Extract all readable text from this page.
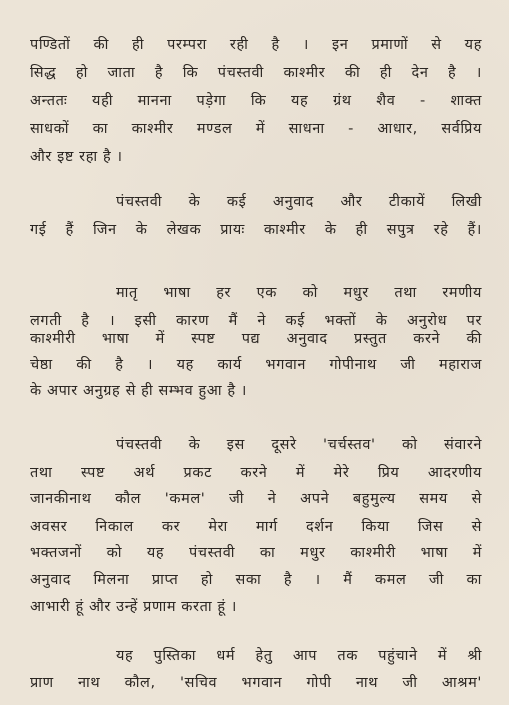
पण्डितों की ही परम्परा रही है । इन प्रमाणों से यह
सिद्ध हो जाता है कि पंचस्तवी काश्मीर की ही देन है ।
अन्ततः यही मानना पड़ेगा कि यह ग्रंथ शैव - शाक्त
साधकों का काश्मीर मण्डल में साधना - आधार, सर्वप्रिय
और इष्ट रहा है ।
पंचस्तवी के कई अनुवाद और टीकायें लिखी
गई हैं जिन के लेखक प्रायः काश्मीर के ही सपुत्र रहे हैं।
मातृ भाषा हर एक को मधुर तथा रमणीय
लगती है । इसी कारण मैं ने कई भक्तों के अनुरोध पर
काश्मीरी भाषा में स्पष्ट पद्य अनुवाद प्रस्तुत करने की
चेष्ठा की है । यह कार्य भगवान गोपीनाथ जी महाराज
के अपार अनुग्रह से ही सम्भव हुआ है ।
पंचस्तवी के इस दूसरे 'चर्चस्तव' को संवारने
तथा स्पष्ट अर्थ प्रकट करने में मेरे प्रिय आदरणीय
जानकीनाथ कौल 'कमल' जी ने अपने बहुमुल्य समय से
अवसर निकाल कर मेरा मार्ग दर्शन किया जिस से
भक्तजनों को यह पंचस्तवी का मधुर काश्मीरी भाषा में
अनुवाद मिलना प्राप्त हो सका है । मैं कमल जी का
आभारी हूं और उन्हें प्रणाम करता हूं ।
यह पुस्तिका धर्म हेतु आप तक पहुंचाने में श्री
प्राण नाथ कौल, 'सचिव भगवान गोपी नाथ जी आश्रम'
